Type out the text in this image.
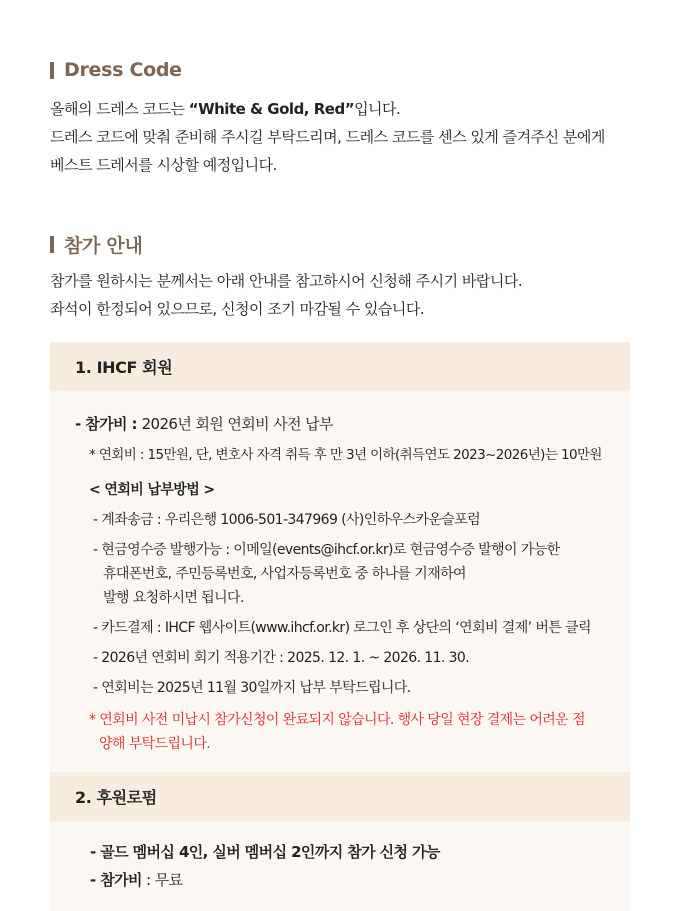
Dress Code

올해의 드레스 코드는 “White & Gold, Red”입니다.

드레스 코드에 맞춰 준비해 주시길 부탁드리며, 드레스 코드를 센스 있게 즐겨주신 분에게

베스트 드레서를 시상할 예정입니다.

참가 안내

참가를 원하시는 분께서는 아래 안내를 참고하시어 신청해 주시기 바랍니다.

좌석이 한정되어 있으므로, 신청이 조기 마감될 수 있습니다.

1. IHCF 회원
- 참가비 : 2026년 회원 연회비 사전 납부
* 연회비 : 15만원, 단, 변호사 자격 취득 후 만 3년 이하(취득연도 2023~2026년)는 10만원
< 연회비 납부방법 >
- 계좌송금 : 우리은행 1006-501-347969 (사)인하우스카운슬포럼
- 현금영수증 발행가능 : 이메일(events@ihcf.or.kr)로 현금영수증 발행이 가능한
휴대폰번호, 주민등록번호, 사업자등록번호 중 하나를 기재하여
발행 요청하시면 됩니다.
- 카드결제 : IHCF 웹사이트(www.ihcf.or.kr) 로그인 후 상단의 ‘연회비 결제’ 버튼 클릭
- 2026년 연회비 회기 적용기간 : 2025. 12. 1. ~ 2026. 11. 30.
- 연회비는 2025년 11월 30일까지 납부 부탁드립니다.
* 연회비 사전 미납시 참가신청이 완료되지 않습니다. 행사 당일 현장 결제는 어려운 점
양해 부탁드립니다.
2. 후원로펌
- 골드 멤버십 4인, 실버 멤버십 2인까지 참가 신청 가능
- 참가비 : 무료
